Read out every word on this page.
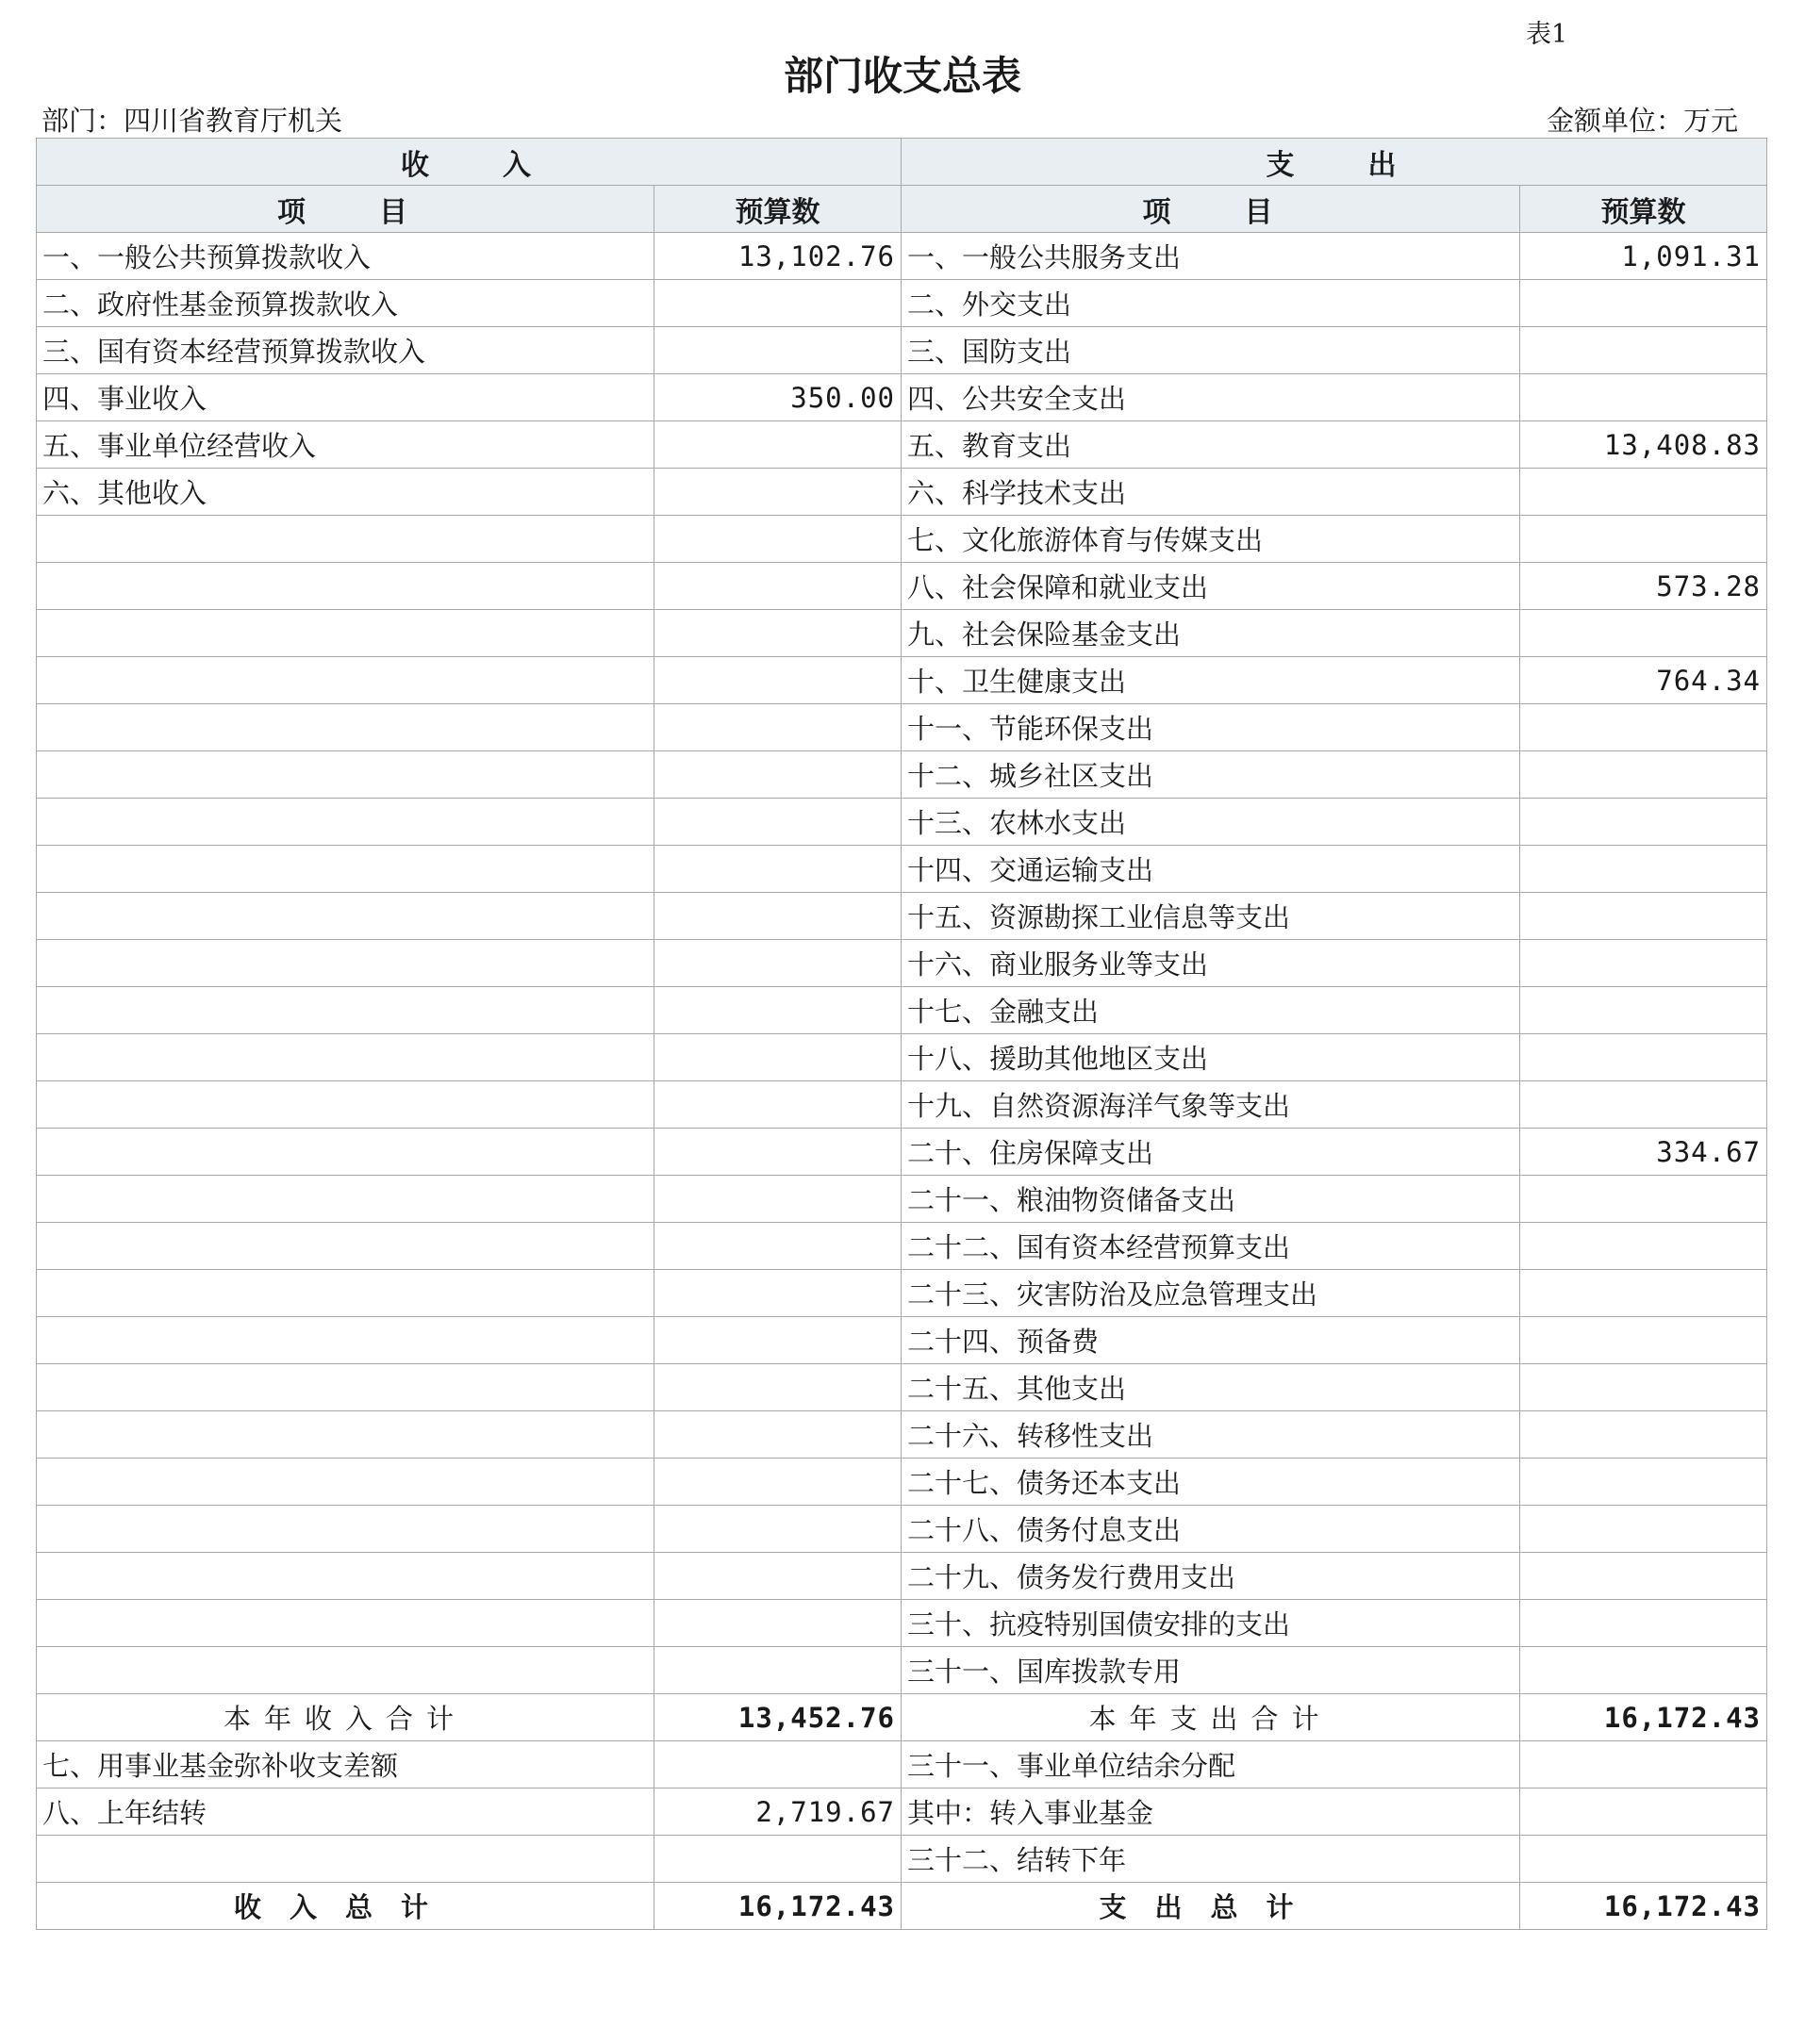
表1
部门收支总表
部门：四川省教育厅机关	金额单位：万元
收　　入		支　　出	
项　　目	预算数	项　　目	预算数
一、一般公共预算拨款收入	13,102.76	一、一般公共服务支出	1,091.31
二、政府性基金预算拨款收入		二、外交支出	
三、国有资本经营预算拨款收入		三、国防支出	
四、事业收入	350.00	四、公共安全支出	
五、事业单位经营收入		五、教育支出	13,408.83
六、其他收入		六、科学技术支出	
		七、文化旅游体育与传媒支出	
		八、社会保障和就业支出	573.28
		九、社会保险基金支出	
		十、卫生健康支出	764.34
		十一、节能环保支出	
		十二、城乡社区支出	
		十三、农林水支出	
		十四、交通运输支出	
		十五、资源勘探工业信息等支出	
		十六、商业服务业等支出	
		十七、金融支出	
		十八、援助其他地区支出	
		十九、自然资源海洋气象等支出	
		二十、住房保障支出	334.67
		二十一、粮油物资储备支出	
		二十二、国有资本经营预算支出	
		二十三、灾害防治及应急管理支出	
		二十四、预备费	
		二十五、其他支出	
		二十六、转移性支出	
		二十七、债务还本支出	
		二十八、债务付息支出	
		二十九、债务发行费用支出	
		三十、抗疫特别国债安排的支出	
		三十一、国库拨款专用	
本年收入合计	13,452.76	本年支出合计	16,172.43
七、用事业基金弥补收支差额		三十一、事业单位结余分配	
八、上年结转	2,719.67	其中：转入事业基金	
		三十二、结转下年	
收入总计	16,172.43	支出总计	16,172.43
